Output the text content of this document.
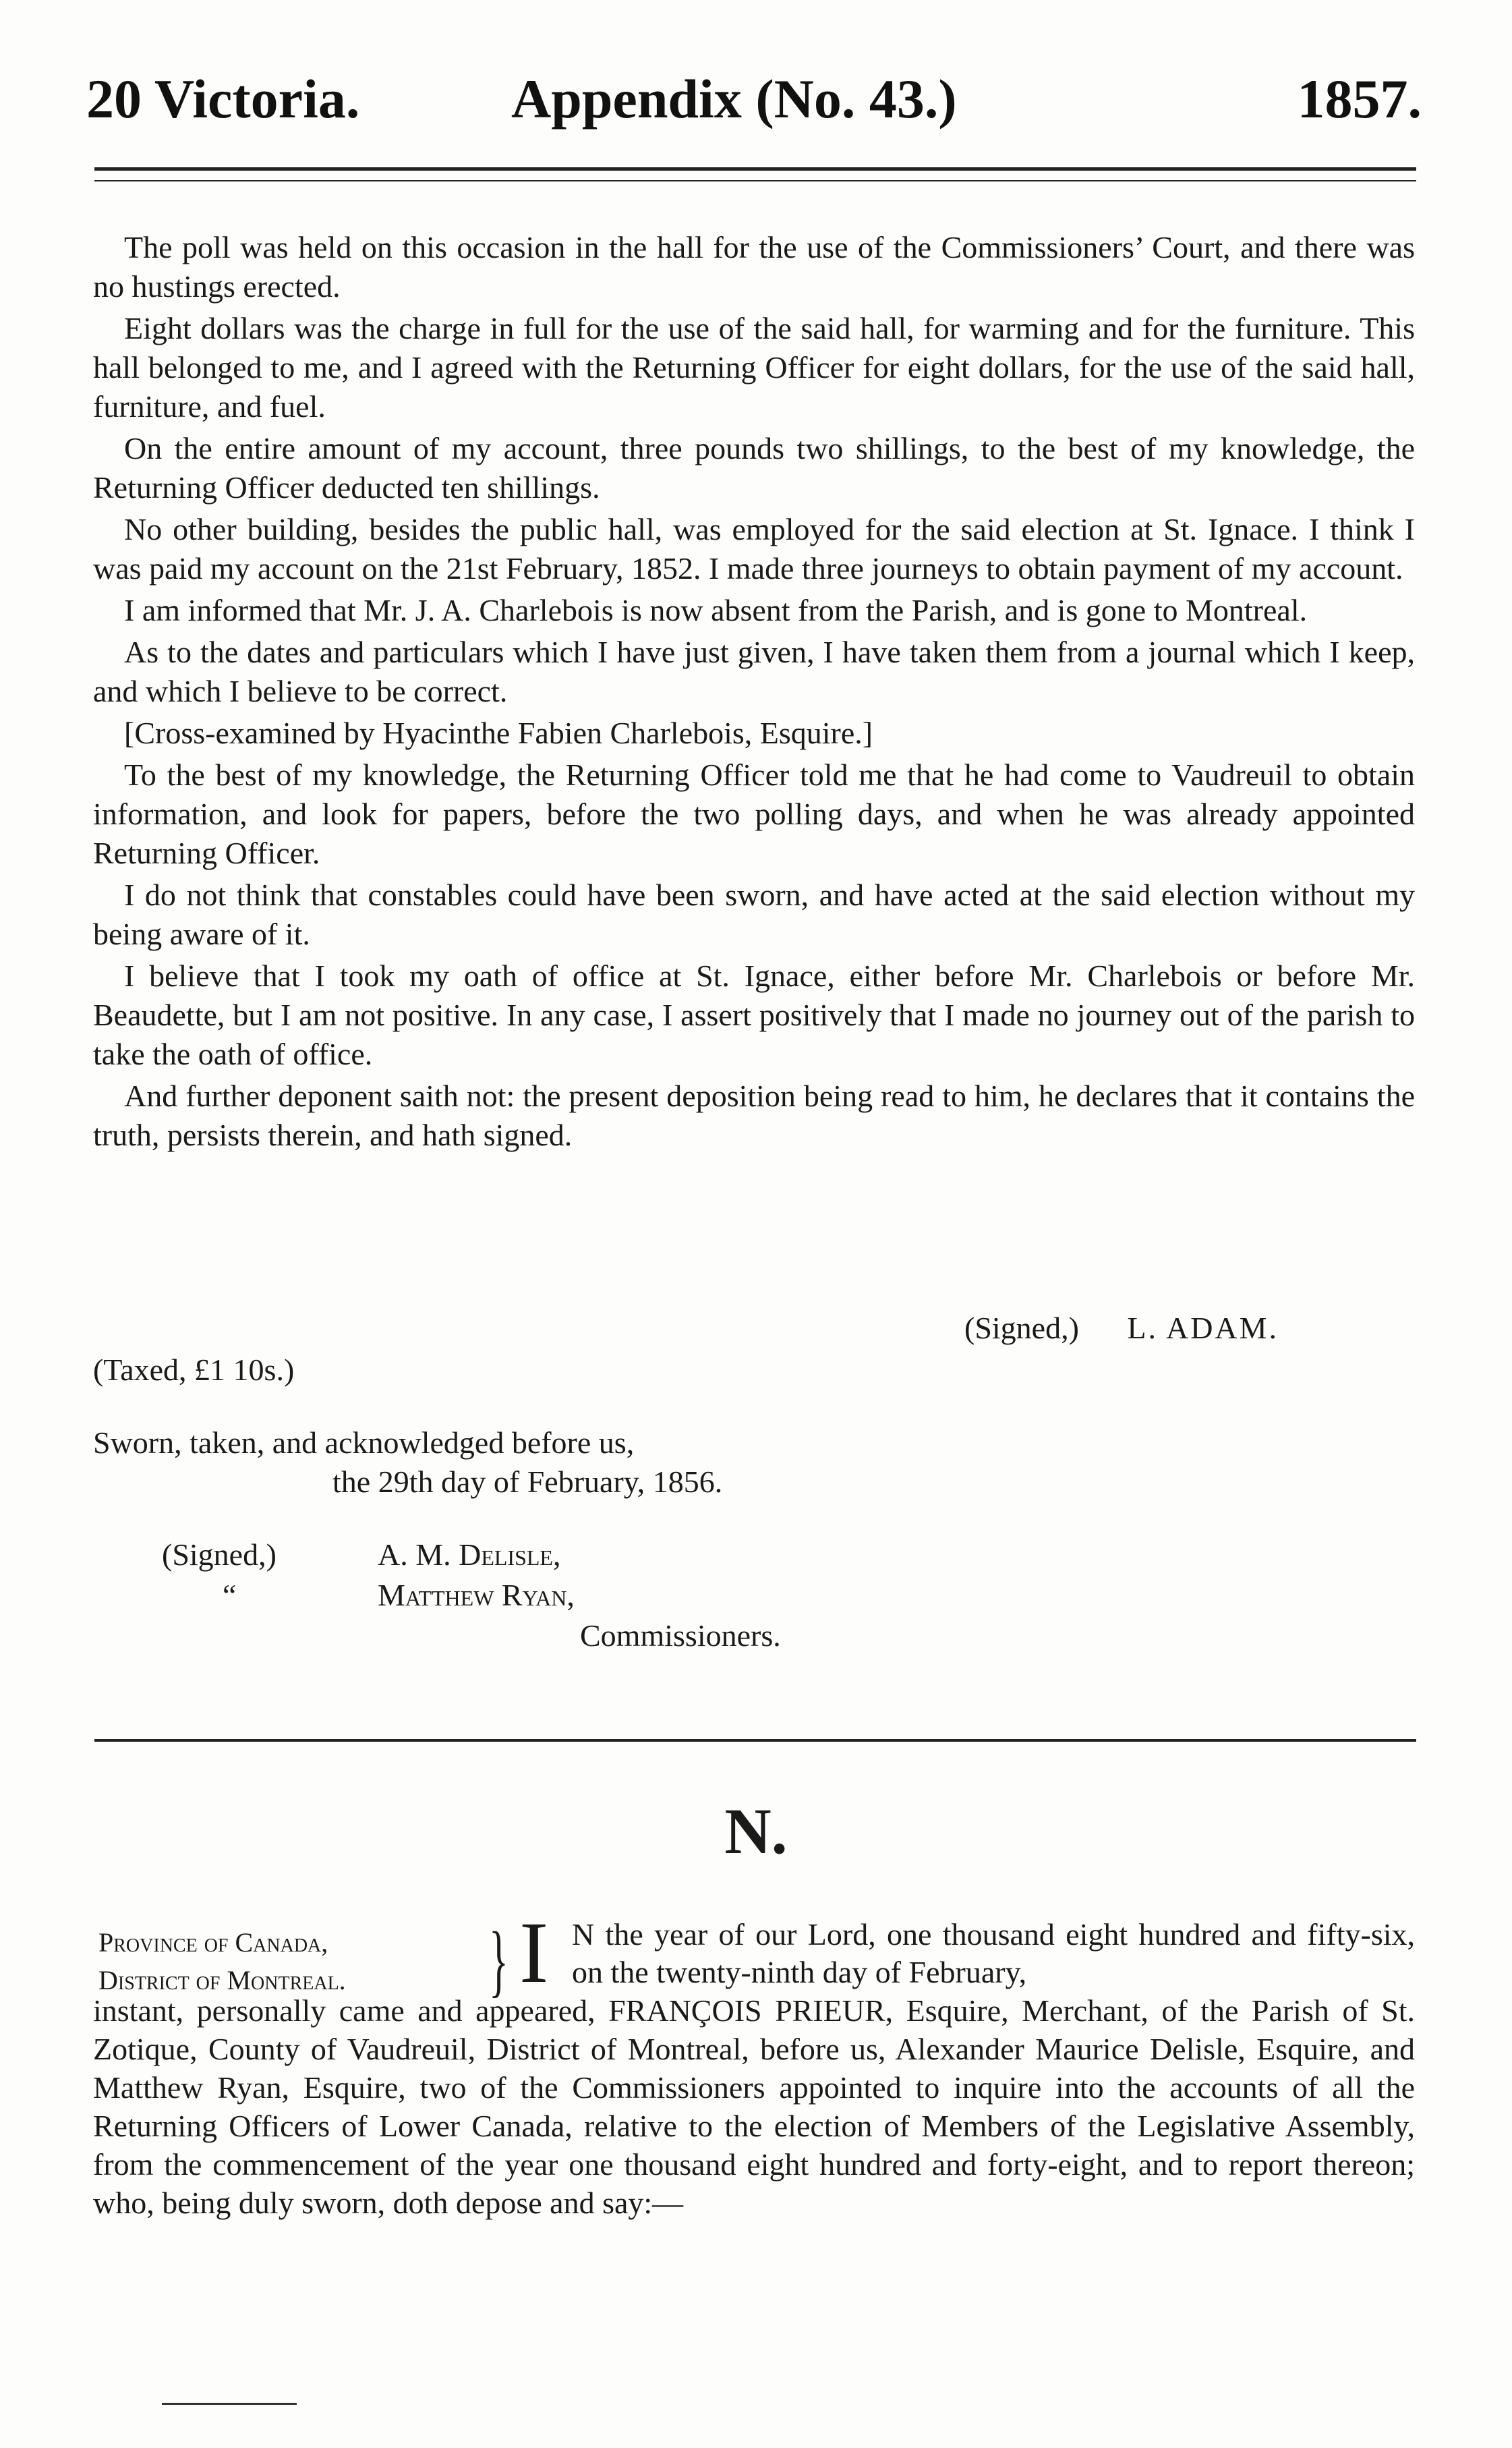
20 Victoria.	Appendix (No. 43.)	1857.

The poll was held on this occasion in the hall for the use of the Commissioners’ Court, and there was no hustings erected.

Eight dollars was the charge in full for the use of the said hall, for warming and for the furniture. This hall belonged to me, and I agreed with the Returning Officer for eight dollars, for the use of the said hall, furniture, and fuel.

On the entire amount of my account, three pounds two shillings, to the best of my knowledge, the Returning Officer deducted ten shillings.

No other building, besides the public hall, was employed for the said election at St. Ignace. I think I was paid my account on the 21st February, 1852. I made three journeys to obtain payment of my account.

I am informed that Mr. J. A. Charlebois is now absent from the Parish, and is gone to Montreal.

As to the dates and particulars which I have just given, I have taken them from a journal which I keep, and which I believe to be correct.

[Cross-examined by Hyacinthe Fabien Charlebois, Esquire.]

To the best of my knowledge, the Returning Officer told me that he had come to Vaudreuil to obtain information, and look for papers, before the two polling days, and when he was already appointed Returning Officer.

I do not think that constables could have been sworn, and have acted at the said election without my being aware of it.

I believe that I took my oath of office at St. Ignace, either before Mr. Charlebois or before Mr. Beaudette, but I am not positive. In any case, I assert positively that I made no journey out of the parish to take the oath of office.

And further deponent saith not: the present deposition being read to him, he declares that it contains the truth, persists therein, and hath signed.

(Signed,) L. ADAM.
(Taxed, £1 10s.)
Sworn, taken, and acknowledged before us,
the 29th day of February, 1856.
(Signed,)	A. M. Delisle,
“	Matthew Ryan,
Commissioners.
N.
Province of Canada,
District of Montreal. } I N the year of our Lord, one thousand eight hundred and fifty-six, on the twenty-ninth day of February,
instant, personally came and appeared, FRANÇOIS PRIEUR, Esquire, Merchant, of the Parish of St. Zotique, County of Vaudreuil, District of Montreal, before us, Alexander Maurice Delisle, Esquire, and Matthew Ryan, Esquire, two of the Commissioners appointed to inquire into the accounts of all the Returning Officers of Lower Canada, relative to the election of Members of the Legislative Assembly, from the commencement of the year one thousand eight hundred and forty-eight, and to report thereon; who, being duly sworn, doth depose and say:—
